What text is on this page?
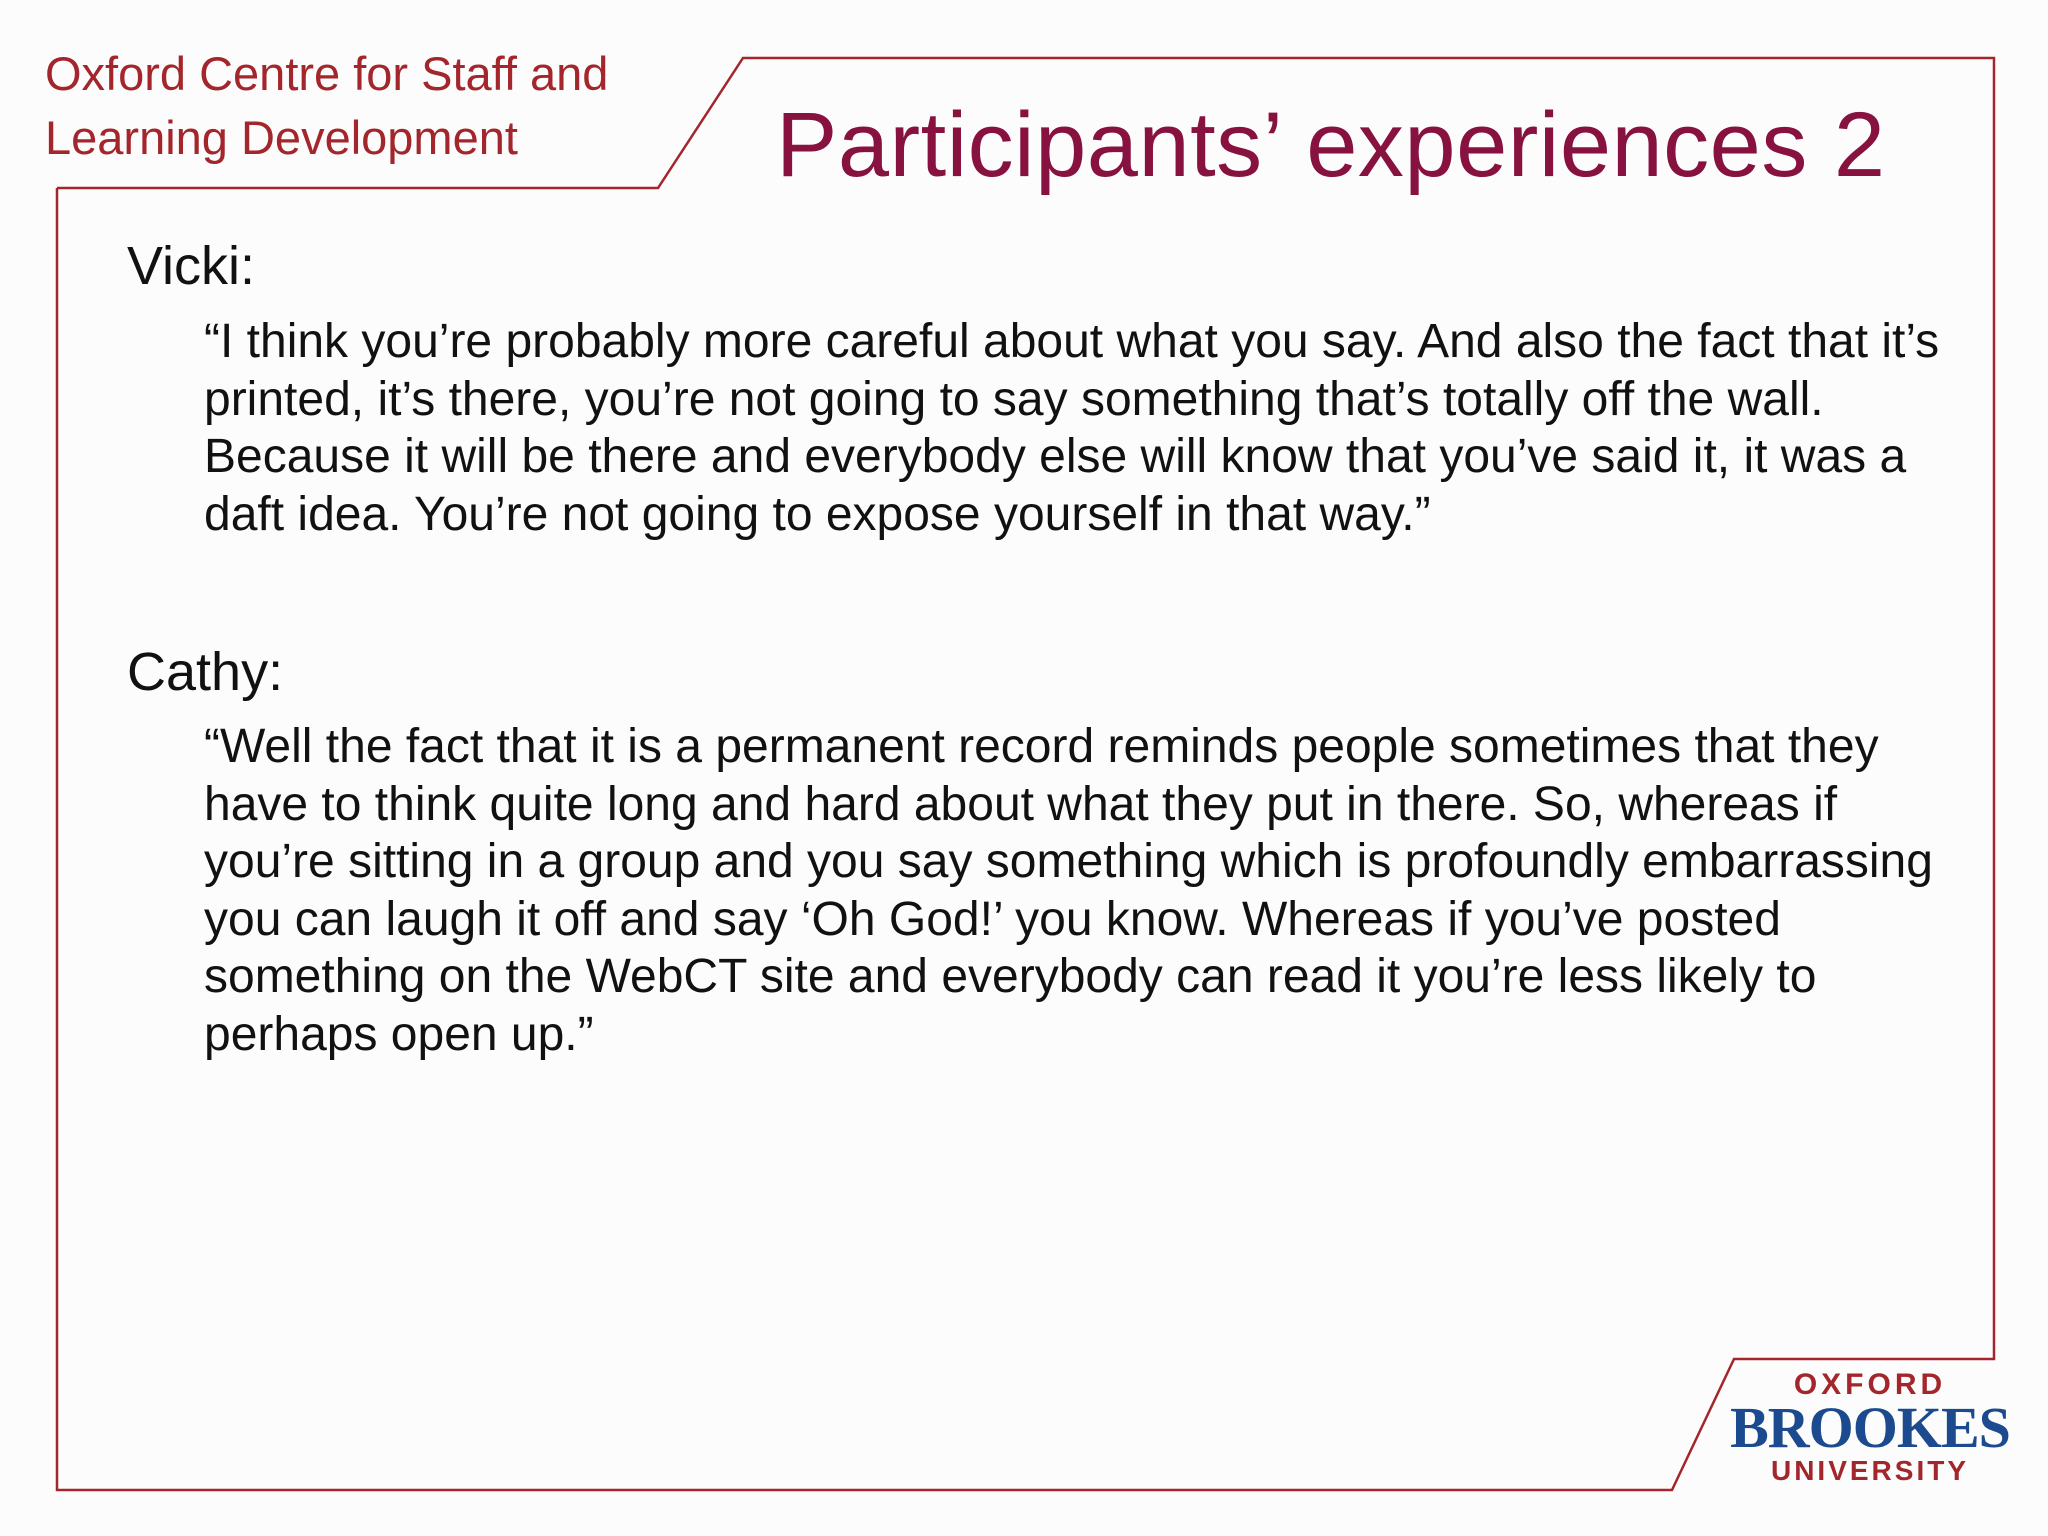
Oxford Centre for Staff and
Learning Development	Participants’ experiences 2
Vicki:

“I think you’re probably more careful about what you say. And also the fact that it’s printed, it’s there, you’re not going to say something that’s totally off the wall. Because it will be there and everybody else will know that you’ve said it, it was a daft idea. You’re not going to expose yourself in that way.”

Cathy:

“Well the fact that it is a permanent record reminds people sometimes that they have to think quite long and hard about what they put in there. So, whereas if you’re sitting in a group and you say something which is profoundly embarrassing you can laugh it off and say ‘Oh God!’ you know. Whereas if you’ve posted something on the WebCT site and everybody can read it you’re less likely to perhaps open up.”

OXFORD
BROOKES
UNIVERSITY
